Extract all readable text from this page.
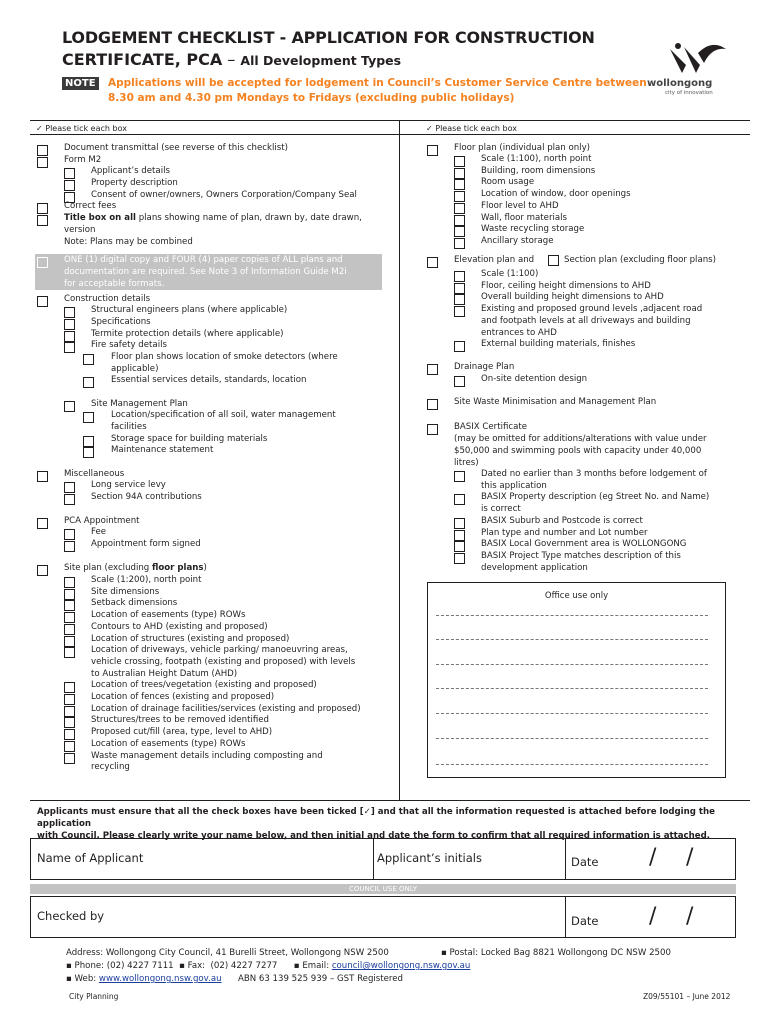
LODGEMENT CHECKLIST - APPLICATION FOR CONSTRUCTION
CERTIFICATE, PCA – All Development Types
NOTE Applications will be accepted for lodgement in Council’s Customer Service Centre between
8.30 am and 4.30 pm Mondays to Fridays (excluding public holidays)
wollongong
city of innovation
✓ Please tick each box	✓ Please tick each box
Document transmittal (see reverse of this checklist)
Form M2
Applicant’s details
Property description
Consent of owner/owners, Owners Corporation/Company Seal
Correct fees
Title box on all plans showing name of plan, drawn by, date drawn,
version
Note: Plans may be combined
ONE (1) digital copy and FOUR (4) paper copies of ALL plans and
documentation are required. See Note 3 of Information Guide M2i
for acceptable formats.
Construction details
Structural engineers plans (where applicable)
Specifications
Termite protection details (where applicable)
Fire safety details
Floor plan shows location of smoke detectors (where
applicable)
Essential services details, standards, location
Site Management Plan
Location/specification of all soil, water management
facilities
Storage space for building materials
Maintenance statement
Miscellaneous
Long service levy
Section 94A contributions
PCA Appointment
Fee
Appointment form signed
Site plan (excluding floor plans)
Scale (1:200), north point
Site dimensions
Setback dimensions
Location of easements (type) ROWs
Contours to AHD (existing and proposed)
Location of structures (existing and proposed)
Location of driveways, vehicle parking/ manoeuvring areas,
vehicle crossing, footpath (existing and proposed) with levels
to Australian Height Datum (AHD)
Location of trees/vegetation (existing and proposed)
Location of fences (existing and proposed)
Location of drainage facilities/services (existing and proposed)
Structures/trees to be removed identified
Proposed cut/fill (area, type, level to AHD)
Location of easements (type) ROWs
Waste management details including composting and
recycling
Floor plan (individual plan only)
Scale (1:100), north point
Building, room dimensions
Room usage
Location of window, door openings
Floor level to AHD
Wall, floor materials
Waste recycling storage
Ancillary storage
Elevation plan and	Section plan (excluding floor plans)
Scale (1:100)
Floor, ceiling height dimensions to AHD
Overall building height dimensions to AHD
Existing and proposed ground levels ,adjacent road
and footpath levels at all driveways and building
entrances to AHD
External building materials, finishes
Drainage Plan
On-site detention design
Site Waste Minimisation and Management Plan
BASIX Certificate
(may be omitted for additions/alterations with value under
$50,000 and swimming pools with capacity under 40,000
litres)
Dated no earlier than 3 months before lodgement of
this application
BASIX Property description (eg Street No. and Name)
is correct
BASIX Suburb and Postcode is correct
Plan type and number and Lot number
BASIX Local Government area is WOLLONGONG
BASIX Project Type matches description of this
development application
Office use only
Applicants must ensure that all the check boxes have been ticked [✓] and that all the information requested is attached before lodging the application
with Council. Please clearly write your name below, and then initial and date the form to confirm that all required information is attached.
Name of Applicant	Applicant’s initials	Date / /
COUNCIL USE ONLY
Checked by	Date / /
Address: Wollongong City Council, 41 Burelli Street, Wollongong NSW 2500	▪ Postal: Locked Bag 8821 Wollongong DC NSW 2500
▪ Phone: (02) 4227 7111  ▪ Fax:  (02) 4227 7277      ▪ Email: council@wollongong.nsw.gov.au
▪ Web: www.wollongong.nsw.gov.au ABN 63 139 525 939 – GST Registered
City Planning	Z09/55101 – June 2012
